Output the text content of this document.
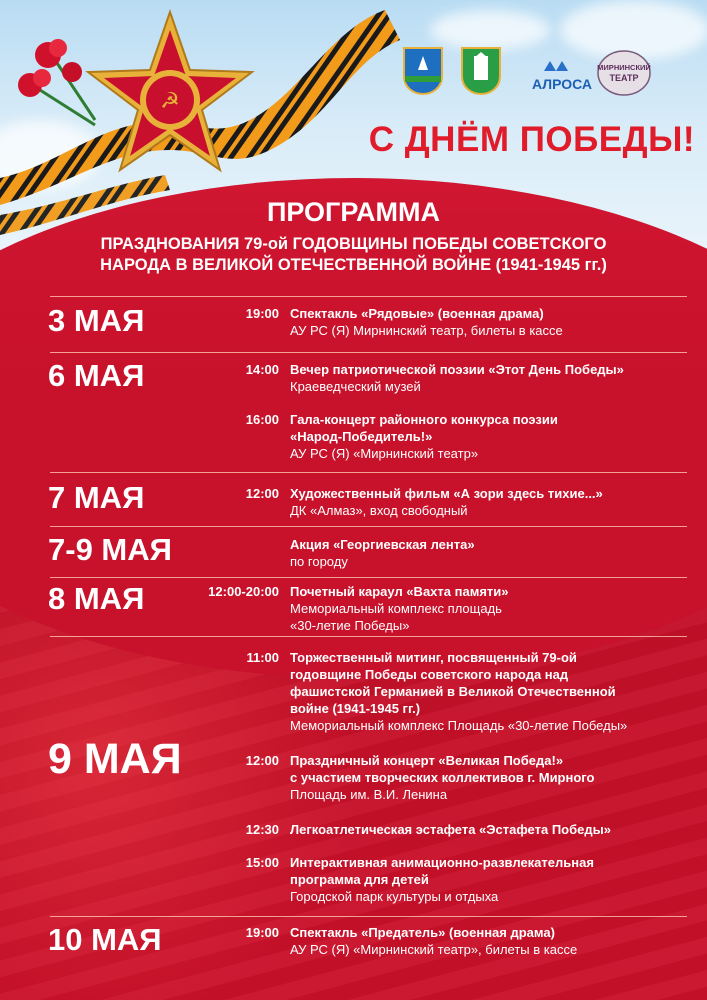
☭
АЛРОСА
МИРНИНСКИЙ
ТЕАТР
С ДНЁМ ПОБЕДЫ!
ПРОГРАММА
ПРАЗДНОВАНИЯ 79-ой ГОДОВЩИНЫ ПОБЕДЫ СОВЕТСКОГО
НАРОДА В ВЕЛИКОЙ ОТЕЧЕСТВЕННОЙ ВОЙНЕ (1941-1945 гг.)
3 МАЯ	19:00 Спектакль «Рядовые» (военная драма)
АУ РС (Я) Мирнинский театр, билеты в кассе
6 МАЯ	14:00 Вечер патриотической поэзии «Этот День Победы»
Краеведческий музей
16:00 Гала-концерт районного конкурса поэзии
«Народ-Победитель!»
АУ РС (Я) «Мирнинский театр»
7 МАЯ	12:00 Художественный фильм «А зори здесь тихие...»
ДК «Алмаз», вход свободный
7-9 МАЯ	Акция «Георгиевская лента»
по городу
8 МАЯ	12:00-20:00 Почетный караул «Вахта памяти»
Мемориальный комплекс площадь
«30-летие Победы»
9 МАЯ
11:00 Торжественный митинг, посвященный 79-ой
годовщине Победы советского народа над
фашистской Германией в Великой Отечественной
войне (1941-1945 гг.)
Мемориальный комплекс Площадь «30-летие Победы»
12:00 Праздничный концерт «Великая Победа!»
с участием творческих коллективов г. Мирного
Площадь им. В.И. Ленина
12:30 Легкоатлетическая эстафета «Эстафета Победы»
15:00 Интерактивная анимационно-развлекательная
программа для детей
Городской парк культуры и отдыха
10 МАЯ	19:00 Спектакль «Предатель» (военная драма)
АУ РС (Я) «Мирнинский театр», билеты в кассе
